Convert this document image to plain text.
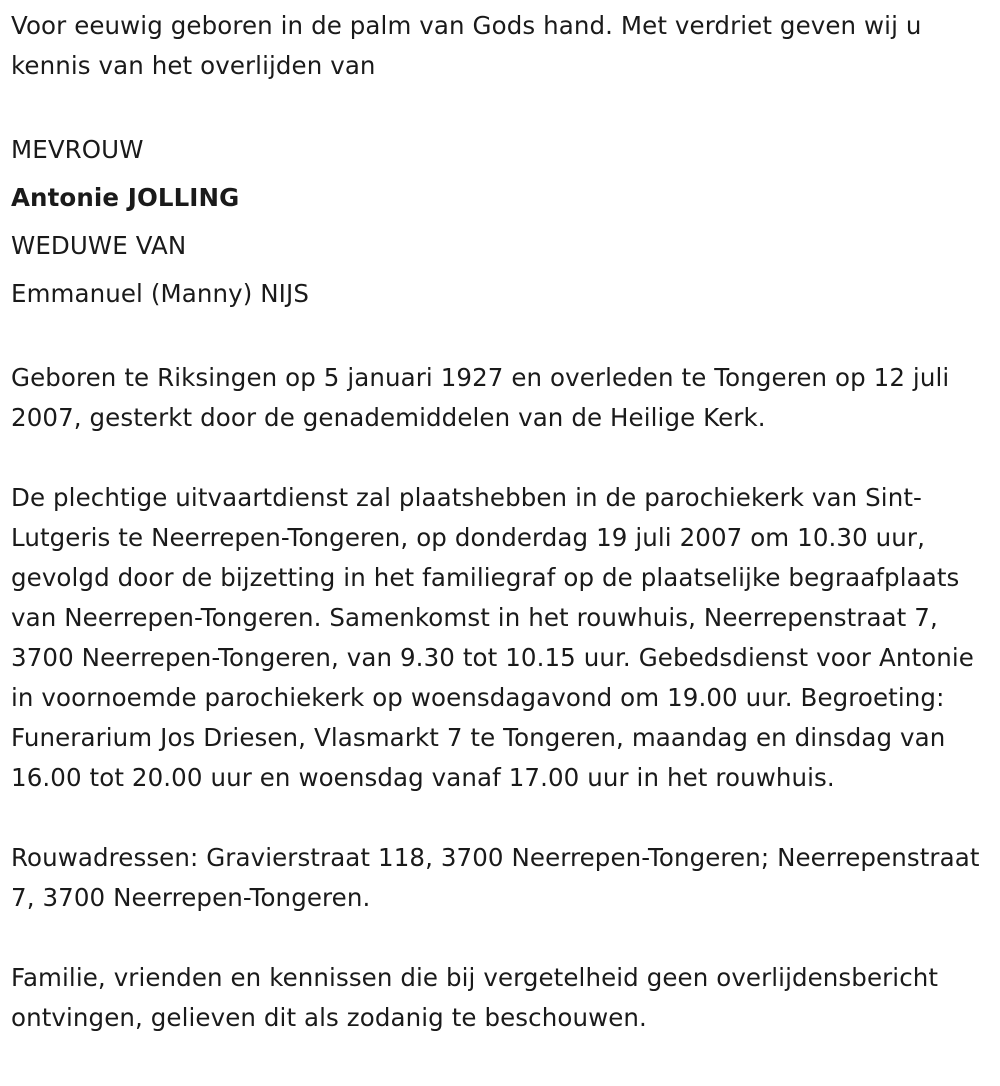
Voor eeuwig geboren in de palm van Gods hand. Met verdriet geven wij u kennis van het overlijden van

MEVROUW
Antonie JOLLING
WEDUWE VAN
Emmanuel (Manny) NIJS

Geboren te Riksingen op 5 januari 1927 en overleden te Tongeren op 12 juli 2007, gesterkt door de genademiddelen van de Heilige Kerk.

De plechtige uitvaartdienst zal plaatshebben in de parochiekerk van Sint-Lutgeris te Neerrepen-Tongeren, op donderdag 19 juli 2007 om 10.30 uur, gevolgd door de bijzetting in het familiegraf op de plaatselijke begraafplaats van Neerrepen-Tongeren. Samenkomst in het rouwhuis, Neerrepenstraat 7, 3700 Neerrepen-Tongeren, van 9.30 tot 10.15 uur. Gebedsdienst voor Antonie in voornoemde parochiekerk op woensdagavond om 19.00 uur. Begroeting: Funerarium Jos Driesen, Vlasmarkt 7 te Tongeren, maandag en dinsdag van 16.00 tot 20.00 uur en woensdag vanaf 17.00 uur in het rouwhuis.

Rouwadressen: Gravierstraat 118, 3700 Neerrepen-Tongeren; Neerrepenstraat 7, 3700 Neerrepen-Tongeren.

Familie, vrienden en kennissen die bij vergetelheid geen overlijdensbericht ontvingen, gelieven dit als zodanig te beschouwen.
